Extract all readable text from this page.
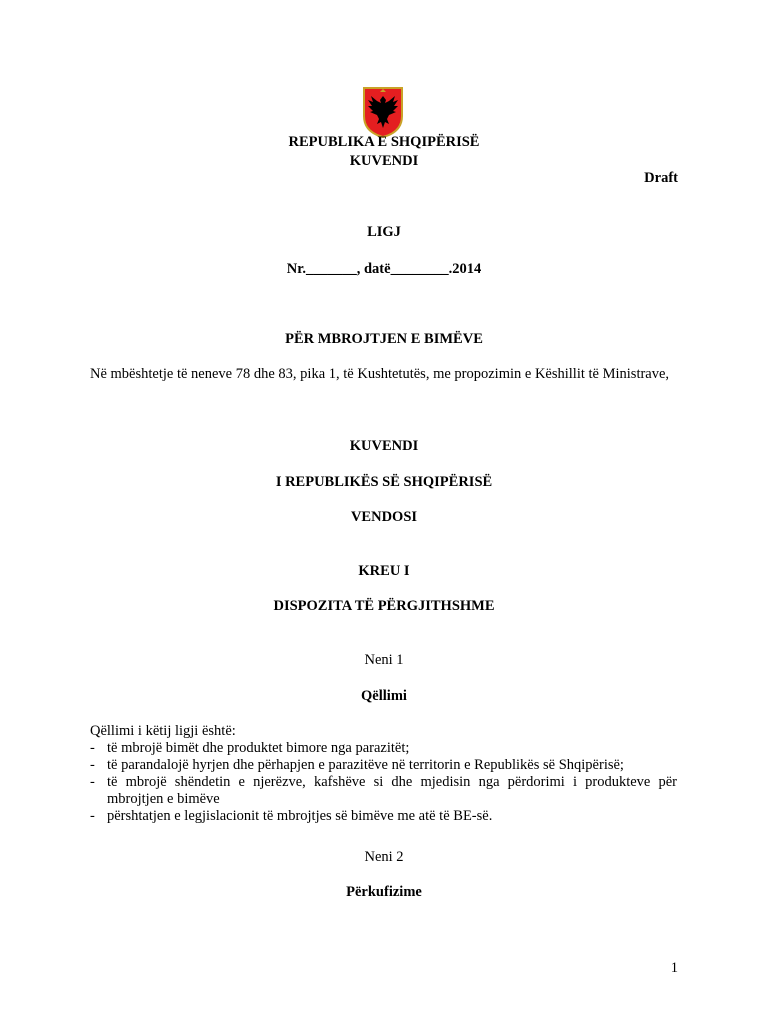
REPUBLIKA E SHQIPËRISË
KUVENDI
Draft
LIGJ
Nr._______, datë________.2014
PËR MBROJTJEN E BIMËVE
Në mbështetje të neneve 78 dhe 83, pika 1, të Kushtetutës, me propozimin e Këshillit të Ministrave,
KUVENDI
I REPUBLIKËS SË SHQIPËRISË
VENDOSI
KREU I
DISPOZITA TË PËRGJITHSHME
Neni 1
Qëllimi
Qëllimi i këtij ligji është:
- të mbrojë bimët dhe produktet bimore nga parazitët;
- të parandalojë hyrjen dhe përhapjen e parazitëve në territorin e Republikës së Shqipërisë;
- të mbrojë shëndetin e njerëzve, kafshëve si dhe mjedisin nga përdorimi i produkteve për mbrojtjen e bimëve
- përshtatjen e legjislacionit të mbrojtjes së bimëve me atë të BE-së.
Neni 2
Përkufizime
1
